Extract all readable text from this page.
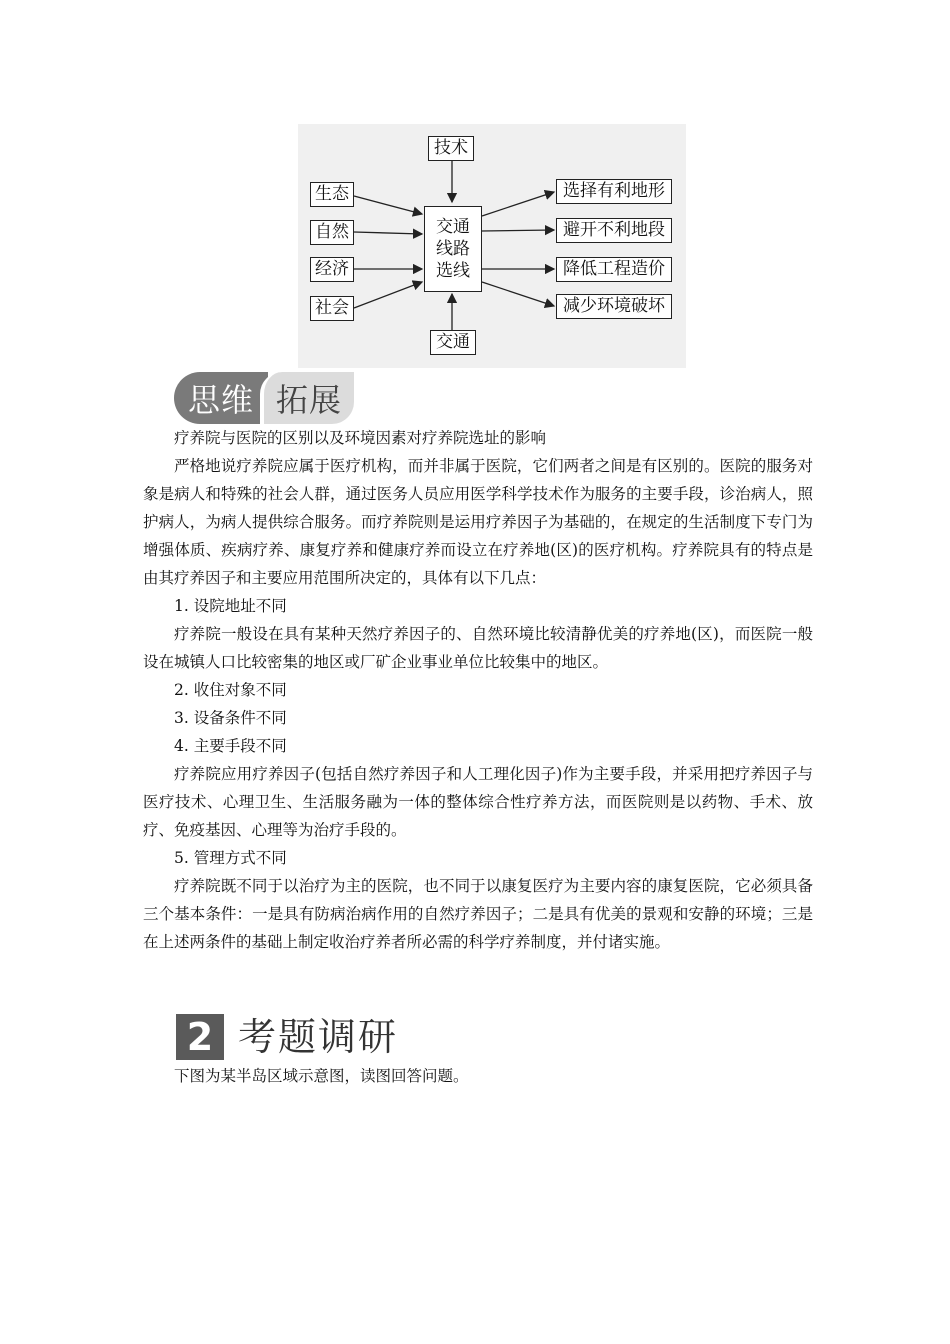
技术
交通
生态
自然
经济
社会
交通
线路
选线
选择有利地形
避开不利地段
降低工程造价
减少环境破坏
思维 拓展

疗养院与医院的区别以及环境因素对疗养院选址的影响

严格地说疗养院应属于医疗机构，而并非属于医院，它们两者之间是有区别的。医院的服务对象是病人和特殊的社会人群，通过医务人员应用医学科学技术作为服务的主要手段，诊治病人，照护病人，为病人提供综合服务。而疗养院则是运用疗养因子为基础的，在规定的生活制度下专门为增强体质、疾病疗养、康复疗养和健康疗养而设立在疗养地(区)的医疗机构。疗养院具有的特点是由其疗养因子和主要应用范围所决定的，具体有以下几点：

1. 设院地址不同

疗养院一般设在具有某种天然疗养因子的、自然环境比较清静优美的疗养地(区)，而医院一般设在城镇人口比较密集的地区或厂矿企业事业单位比较集中的地区。

2. 收住对象不同

3. 设备条件不同

4. 主要手段不同

疗养院应用疗养因子(包括自然疗养因子和人工理化因子)作为主要手段，并采用把疗养因子与医疗技术、心理卫生、生活服务融为一体的整体综合性疗养方法，而医院则是以药物、手术、放疗、免疫基因、心理等为治疗手段的。

5. 管理方式不同

疗养院既不同于以治疗为主的医院，也不同于以康复医疗为主要内容的康复医院，它必须具备三个基本条件：一是具有防病治病作用的自然疗养因子；二是具有优美的景观和安静的环境；三是在上述两条件的基础上制定收治疗养者所必需的科学疗养制度，并付诸实施。

2 考题调研

下图为某半岛区域示意图，读图回答问题。
